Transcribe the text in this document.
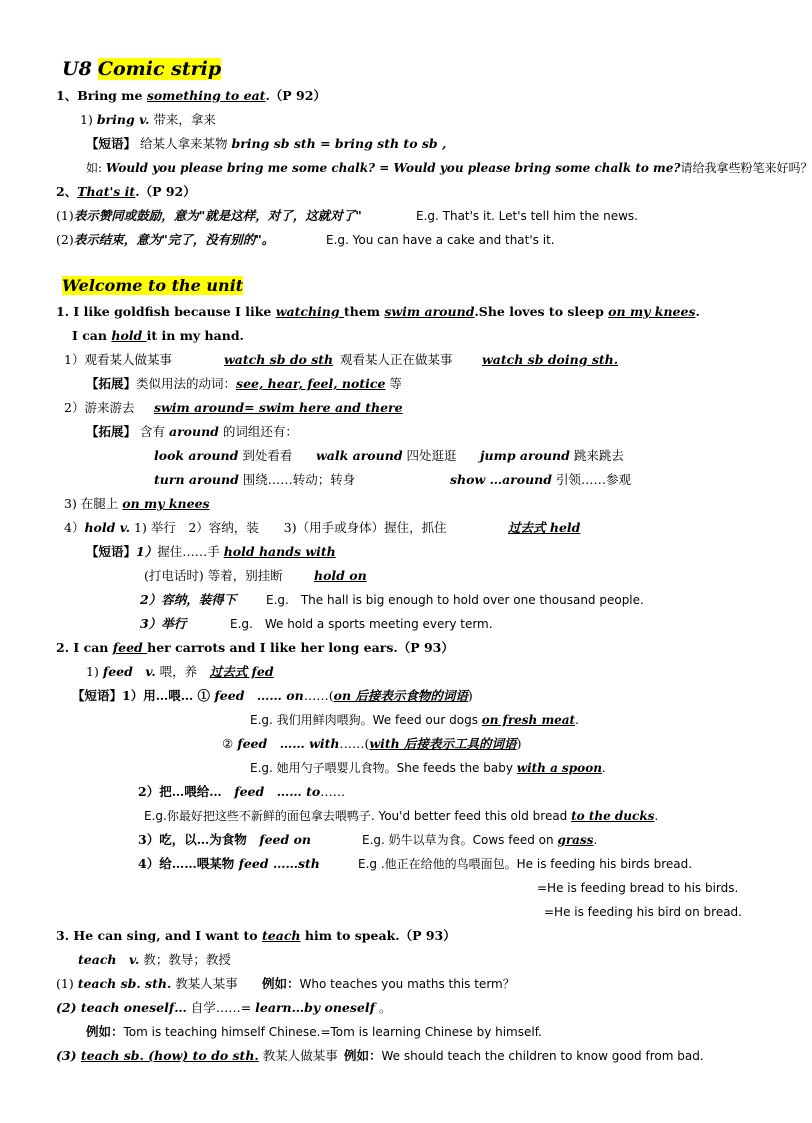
U8 Comic strip
1、Bring me something to eat.（P 92）
1) bring v. 带来，拿来
【短语】 给某人拿来某物 bring sb sth = bring sth to sb ,
如: Would you please bring me some chalk? = Would you please bring some chalk to me?请给我拿些粉笔来好吗？
2、That's it.（P 92）
(1)表示赞同或鼓励，意为"就是这样，对了，这就对了"	E.g. That's it. Let's tell him the news.
(2)表示结束，意为"完了，没有别的"。	E.g. You can have a cake and that's it.
Welcome to the unit
1. I like goldfish because I like watching them swim around.She loves to sleep on my knees.
I can hold it in my hand.
1）观看某人做某事	watch sb do sth 观看某人正在做某事 watch sb doing sth.
【拓展】类似用法的动词：see, hear, feel, notice 等
2）游来游去 swim around= swim here and there
【拓展】 含有 around 的词组还有：
look around 到处看看 walk around 四处逛逛 jump around 跳来跳去
turn around 围绕……转动；转身	show …around 引领……参观
3) 在腿上 on my knees
4）hold v. 1) 举行　2）容纳，装　　3)（用手或身体）握住，抓住	过去式 held
【短语】1）握住……手 hold hands with
(打电话时) 等着，别挂断	hold on
2）容纳，装得下 E.g.　The hall is big enough to hold over one thousand people.
3）举行	E.g.　We hold a sports meeting every term.
2. I can feed her carrots and I like her long ears.（P 93）
1) feed　v. 喂，养　过去式 fed
【短语】1）用…喂… ① feed　…… on……(on 后接表示食物的词语)
E.g. 我们用鲜肉喂狗。We feed our dogs on fresh meat.
② feed　…… with……(with 后接表示工具的词语)
E.g. 她用勺子喂婴儿食物。She feeds the baby with a spoon.
2）把…喂给…　feed　…… to……
E.g.你最好把这些不新鲜的面包拿去喂鸭子. You'd better feed this old bread to the ducks.
3）吃，以…为食物　feed on	E.g. 奶牛以草为食。Cows feed on grass.
4）给……喂某物 feed ……sth	E.g .他正在给他的鸟喂面包。He is feeding his birds bread.
=He is feeding bread to his birds.
=He is feeding his bird on bread.
3. He can sing, and I want to teach him to speak.（P 93）
teach　v. 教；教导；教授
(1) teach sb. sth. 教某人某事 例如：Who teaches you maths this term？
(2) teach oneself… 自学……= learn…by oneself 。
例如：Tom is teaching himself Chinese.=Tom is learning Chinese by himself.
(3) teach sb. (how) to do sth. 教某人做某事 例如：We should teach the children to know good from bad.
